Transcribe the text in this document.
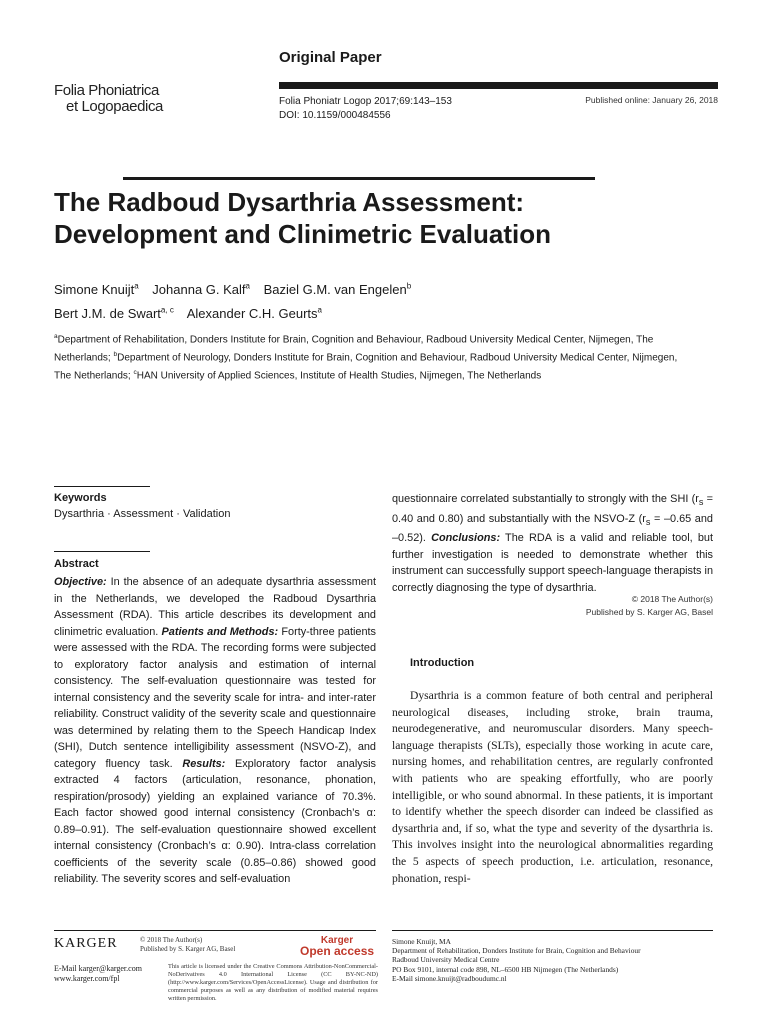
Original Paper
Folia Phoniatrica
et Logopaedica	Folia Phoniatr Logop 2017;69:143–153
DOI: 10.1159/000484556
Published online: January 26, 2018
The Radboud Dysarthria Assessment:
Development and Clinimetric Evaluation
Simone Knuijt$^a$ Johanna G. Kalf$^a$ Baziel G.M. van Engelen$^b$
Bert J.M. de Swart$^{a, c}$ Alexander C.H. Geurts$^a$
$^a$Department of Rehabilitation, Donders Institute for Brain, Cognition and Behaviour, Radboud University Medical Center, Nijmegen, The Netherlands; $^b$Department of Neurology, Donders Institute for Brain, Cognition and Behaviour, Radboud University Medical Center, Nijmegen, The Netherlands; $^c$HAN University of Applied Sciences, Institute of Health Studies, Nijmegen, The Netherlands
Keywords
Dysarthria · Assessment · Validation
Abstract
Objective: In the absence of an adequate dysarthria assessment in the Netherlands, we developed the Radboud Dysarthria Assessment (RDA). This article describes its development and clinimetric evaluation. Patients and Methods: Forty-three patients were assessed with the RDA. The recording forms were subjected to exploratory factor analysis and estimation of internal consistency. The self-evaluation questionnaire was tested for internal consistency and the severity scale for intra- and inter-rater reliability. Construct validity of the severity scale and questionnaire was determined by relating them to the Speech Handicap Index (SHI), Dutch sentence intelligibility assessment (NSVO-Z), and category fluency task. Results: Exploratory factor analysis extracted 4 factors (articulation, resonance, phonation, respiration/prosody) yielding an explained variance of 70.3%. Each factor showed good internal consistency (Cronbach’s α: 0.89–0.91). The self-evaluation questionnaire showed excellent internal consistency (Cronbach’s α: 0.90). Intra-class correlation coefficients of the severity scale (0.85–0.86) showed good reliability. The severity scores and self-evaluation
questionnaire correlated substantially to strongly with the SHI ($r_s = 0.40$ and 0.80) and substantially with the NSVO-Z ($r_s = -0.65$ and –0.52). Conclusions: The RDA is a valid and reliable tool, but further investigation is needed to demonstrate whether this instrument can successfully support speech-language therapists in correctly diagnosing the type of dysarthria.
© 2018 The Author(s)
Published by S. Karger AG, Basel
Introduction
Dysarthria is a common feature of both central and peripheral neurological diseases, including stroke, brain trauma, neurodegenerative, and neuromuscular disorders. Many speech-language therapists (SLTs), especially those working in acute care, nursing homes, and rehabilitation centres, are regularly confronted with patients who are speaking effortfully, who are poorly intelligible, or who sound abnormal. In these patients, it is important to identify whether the speech disorder can indeed be classified as dysarthria and, if so, what the type and severity of the dysarthria is. This involves insight into the neurological abnormalities regarding the 5 aspects of speech production, i.e. articulation, resonance, phonation, respi-
KARGER
E-Mail karger@karger.com
www.karger.com/fpl
© 2018 The Author(s)
Published by S. Karger AG, Basel
Karger
Open access
This article is licensed under the Creative Commons Attribution-NonCommercial-NoDerivatives 4.0 International License (CC BY-NC-ND) (http://www.karger.com/Services/OpenAccessLicense). Usage and distribution for commercial purposes as well as any distribution of modified material requires written permission.
Simone Knuijt, MA
Department of Rehabilitation, Donders Institute for Brain, Cognition and Behaviour
Radboud University Medical Centre
PO Box 9101, internal code 898, NL–6500 HB Nijmegen (The Netherlands)
E-Mail simone.knuijt@radboudumc.nl
